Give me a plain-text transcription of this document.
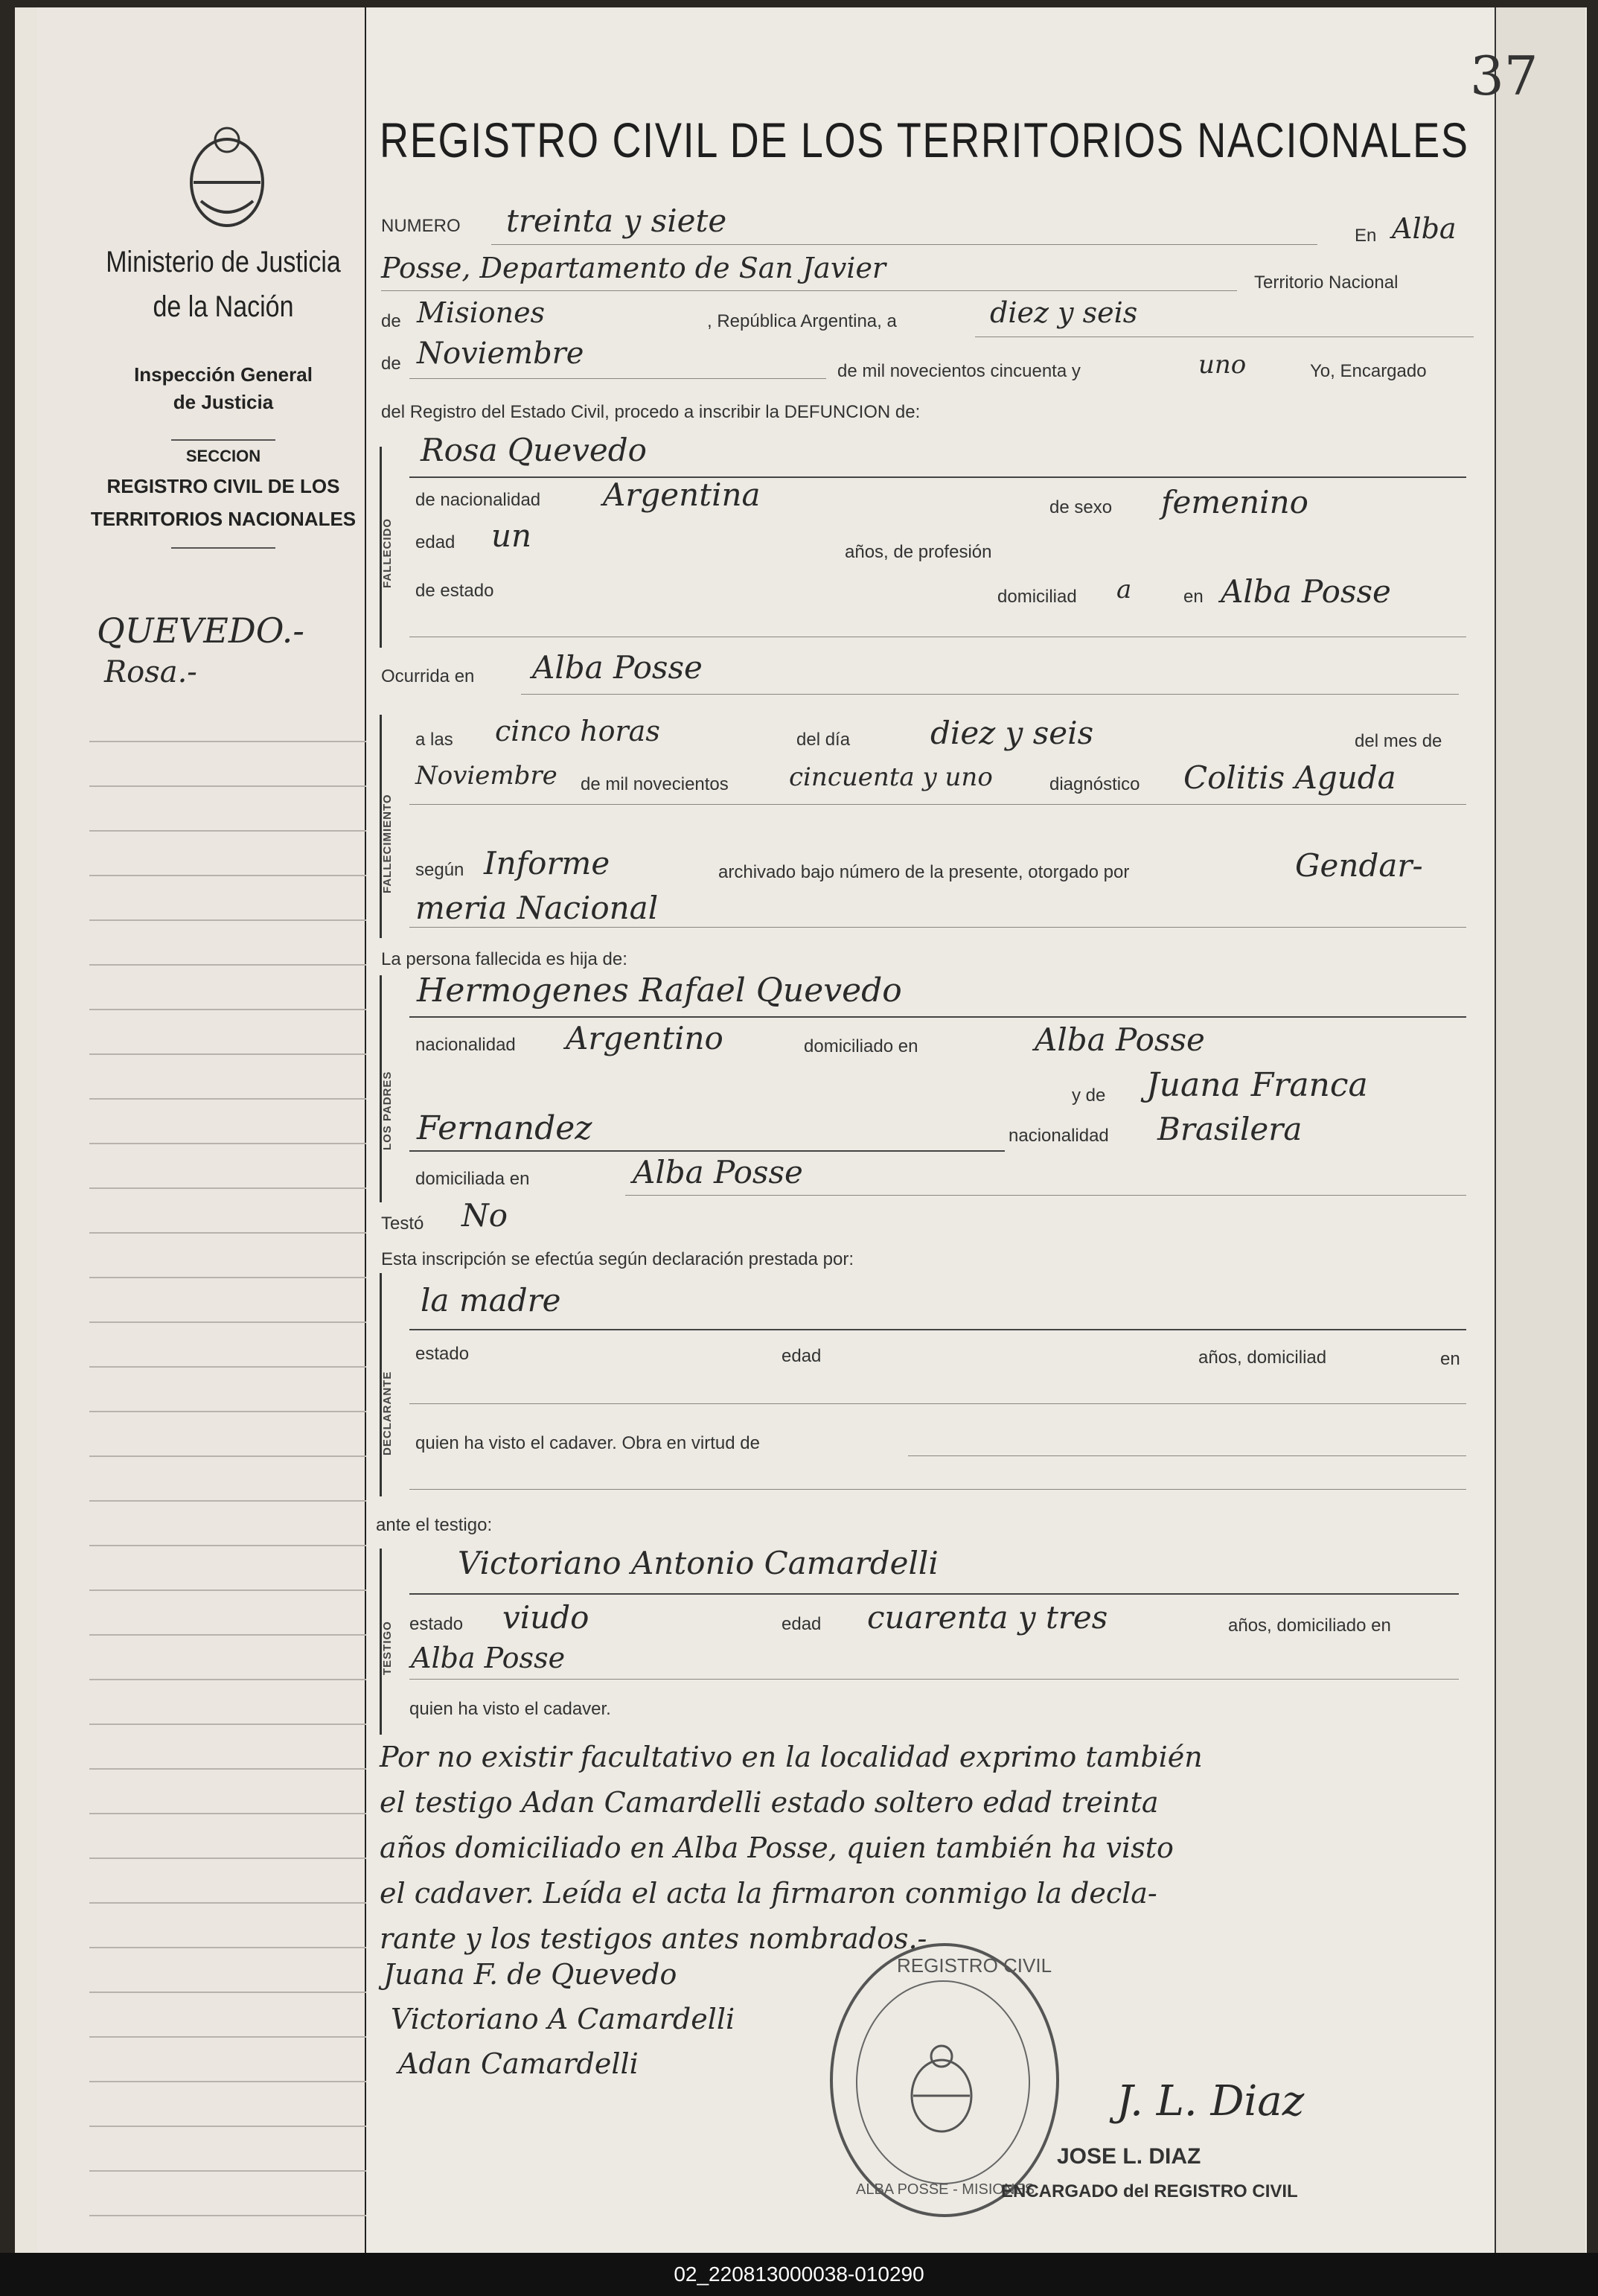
Ministerio de Justicia
de la Nación
Inspección General
de Justicia
SECCION
REGISTRO CIVIL DE LOS
TERRITORIOS NACIONALES
QUEVEDO.-
Rosa.-
37
REGISTRO CIVIL DE LOS TERRITORIOS NACIONALES
NUMERO treinta y siete	En Alba
Posse, Departamento de San Javier	Territorio Nacional
de Misiones	, República Argentina, a	diez y seis
de Noviembre
de mil novecientos cincuenta y	uno	Yo, Encargado
del Registro del Estado Civil, procedo a inscribir la DEFUNCION de:
FALLECIDO
Rosa Quevedo
de nacionalidad Argentina	de sexo femenino
edad un	años, de profesión
de estado	domiciliad a	en Alba Posse
Ocurrida en Alba Posse
FALLECIMIENTO
a las cinco horas	del día	diez y seis	del mes de
Noviembre de mil novecientos cincuenta y uno	diagnóstico Colitis Aguda
según Informe	archivado bajo número de la presente, otorgado por	Gendar-
meria Nacional
La persona fallecida es hija de:
LOS PADRES
Hermogenes Rafael Quevedo
nacionalidad Argentino	domiciliado en	Alba Posse
y de Juana Franca
Fernandez	nacionalidad Brasilera
domiciliada en	Alba Posse
Testó No
Esta inscripción se efectúa según declaración prestada por:
DECLARANTE
la madre
estado	edad	años, domiciliad	en
quien ha visto el cadaver. Obra en virtud de
ante el testigo:
TESTIGO
Victoriano Antonio Camardelli
estado viudo	edad cuarenta y tres	años, domiciliado en
Alba Posse
quien ha visto el cadaver.
Por no existir facultativo en la localidad exprimo también
el testigo Adan Camardelli estado soltero edad treinta
años domiciliado en Alba Posse, quien también ha visto
el cadaver. Leída el acta la firmaron conmigo la decla-
rante y los testigos antes nombrados.-
Juana F. de Quevedo
Victoriano A Camardelli
Adan Camardelli
REGISTRO CIVIL
ALBA POSSE - MISIONES
J. L. Diaz
JOSE L. DIAZ
ENCARGADO del REGISTRO CIVIL
02_220813000038-010290
